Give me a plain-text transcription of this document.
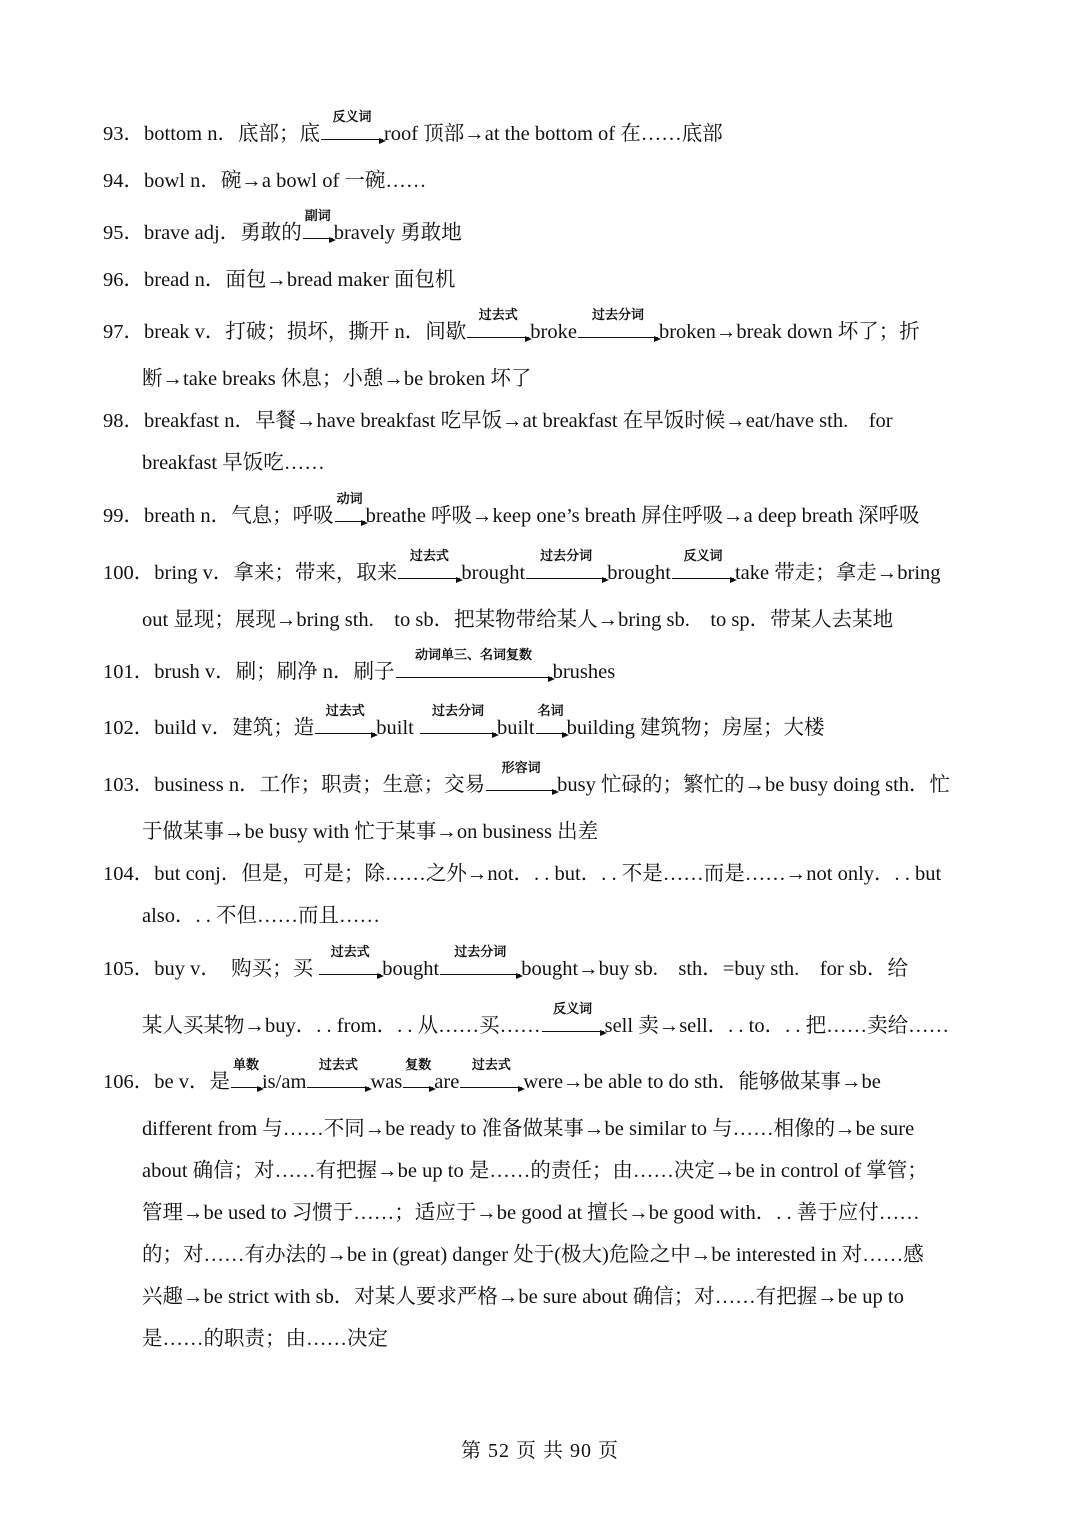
93．bottom n．底部；底
反义词
roof 顶部→at the bottom of 在……底部
94．bowl n．碗→a bowl of 一碗……
95．brave adj．勇敢的
副词
bravely 勇敢地
96．bread n．面包→bread maker 面包机
97．break v．打破；损坏，撕开 n．间歇
过去式
broke
过去分词
broken→break down 坏了；折
断→take breaks 休息；小憩→be broken 坏了
98．breakfast n．早餐→have breakfast 吃早饭→at breakfast 在早饭时候→eat/have sth.　for
breakfast 早饭吃……
99．breath n．气息；呼吸
动词
breathe 呼吸→keep one’s breath 屏住呼吸→a deep breath 深呼吸
100．bring v．拿来；带来，取来
过去式
brought
过去分词
brought
反义词
take 带走；拿走→bring
out 显现；展现→bring sth.　to sb．把某物带给某人→bring sb.　to sp．带某人去某地
101．brush v．刷；刷净 n．刷子
动词单三、名词复数
brushes
102．build v．建筑；造
过去式
built
过去分词
built
名词
building 建筑物；房屋；大楼
103．business n．工作；职责；生意；交易
形容词
busy 忙碌的；繁忙的→be busy doing sth．忙
于做某事→be busy with 忙于某事→on business 出差
104．but conj．但是，可是；除……之外→not．. . but．. . 不是……而是……→not only．. . but
also．. . 不但……而且……
105．buy v．　购买；买
过去式
bought
过去分词
bought→buy sb.　sth．=buy sth.　for sb．给
某人买某物→buy．. . from．. . 从……买……
反义词
sell 卖→sell．. . to．. . 把……卖给……
106．be v．是
单数
is/am
过去式
was
复数
are
过去式
were→be able to do sth．能够做某事→be
different from 与……不同→be ready to 准备做某事→be similar to 与……相像的→be sure
about 确信；对……有把握→be up to 是……的责任；由……决定→be in control of 掌管；
管理→be used to 习惯于……；适应于→be good at 擅长→be good with．. . 善于应付……
的；对……有办法的→be in (great) danger 处于(极大)危险之中→be interested in 对……感
兴趣→be strict with sb．对某人要求严格→be sure about 确信；对……有把握→be up to
是……的职责；由……决定
第 52 页 共 90 页
